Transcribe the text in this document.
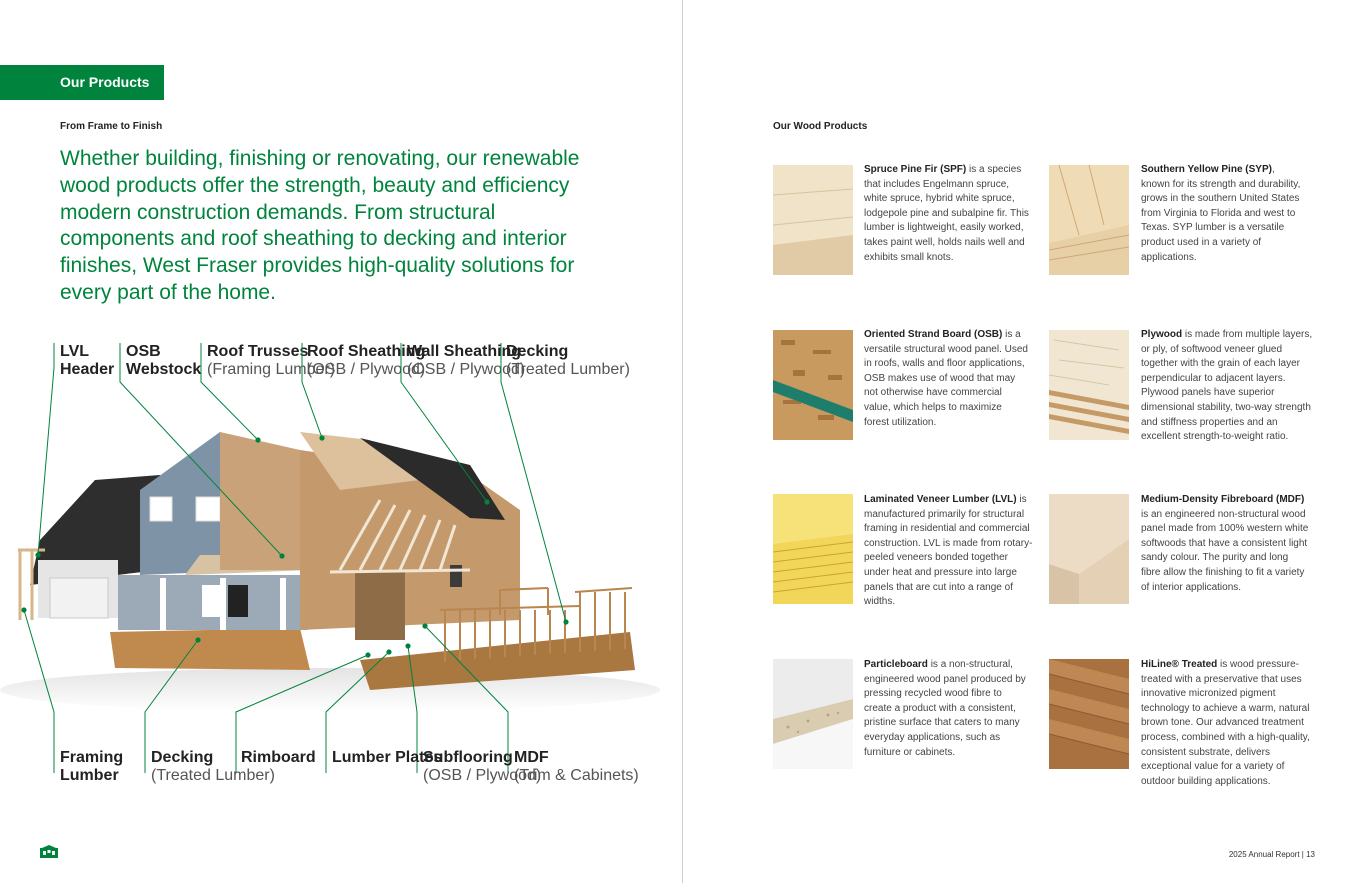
Our Products
From Frame to Finish
Whether building, finishing or renovating, our renewable wood products offer the strength, beauty and efficiency modern construction demands. From structural components and roof sheathing to decking and interior finishes, West Fraser provides high-quality solutions for every part of the home.
LVL
Header
OSB
Webstock
Roof Trusses
(Framing Lumber)
Roof Sheathing
(OSB / Plywood)
Wall Sheathing
(OSB / Plywood)
Decking
(Treated Lumber)
Framing
Lumber
Decking
(Treated Lumber)
Rimboard Lumber Plates
Subflooring
(OSB / Plywood)
MDF
(Trim & Cabinets)
Our Wood Products
Spruce Pine Fir (SPF) is a species that includes Engelmann spruce, white spruce, hybrid white spruce, lodgepole pine and subalpine fir. This lumber is lightweight, easily worked, takes paint well, holds nails well and exhibits small knots.
Southern Yellow Pine (SYP), known for its strength and durability, grows in the southern United States from Virginia to Florida and west to Texas. SYP lumber is a versatile product used in a variety of applications.
Oriented Strand Board (OSB) is a versatile structural wood panel. Used in roofs, walls and floor applications, OSB makes use of wood that may not otherwise have commercial value, which helps to maximize forest utilization.
Plywood is made from multiple layers, or ply, of softwood veneer glued together with the grain of each layer perpendicular to adjacent layers. Plywood panels have superior dimensional stability, two-way strength and stiffness properties and an excellent strength-to-weight ratio.
Laminated Veneer Lumber (LVL) is manufactured primarily for structural framing in residential and commercial construction. LVL is made from rotary-peeled veneers bonded together under heat and pressure into large panels that are cut into a range of widths.
Medium-Density Fibreboard (MDF) is an engineered non-structural wood panel made from 100% western white softwoods that have a consistent light sandy colour. The purity and long fibre allow the finishing to fit a variety of interior applications.
Particleboard is a non-structural, engineered wood panel produced by pressing recycled wood fibre to create a product with a consistent, pristine surface that caters to many everyday applications, such as furniture or cabinets.
HiLine® Treated is wood pressure-treated with a preservative that uses innovative micronized pigment technology to achieve a warm, natural brown tone. Our advanced treatment process, combined with a high-quality, consistent substrate, delivers exceptional value for a variety of outdoor building applications.
2025 Annual Report | 13
